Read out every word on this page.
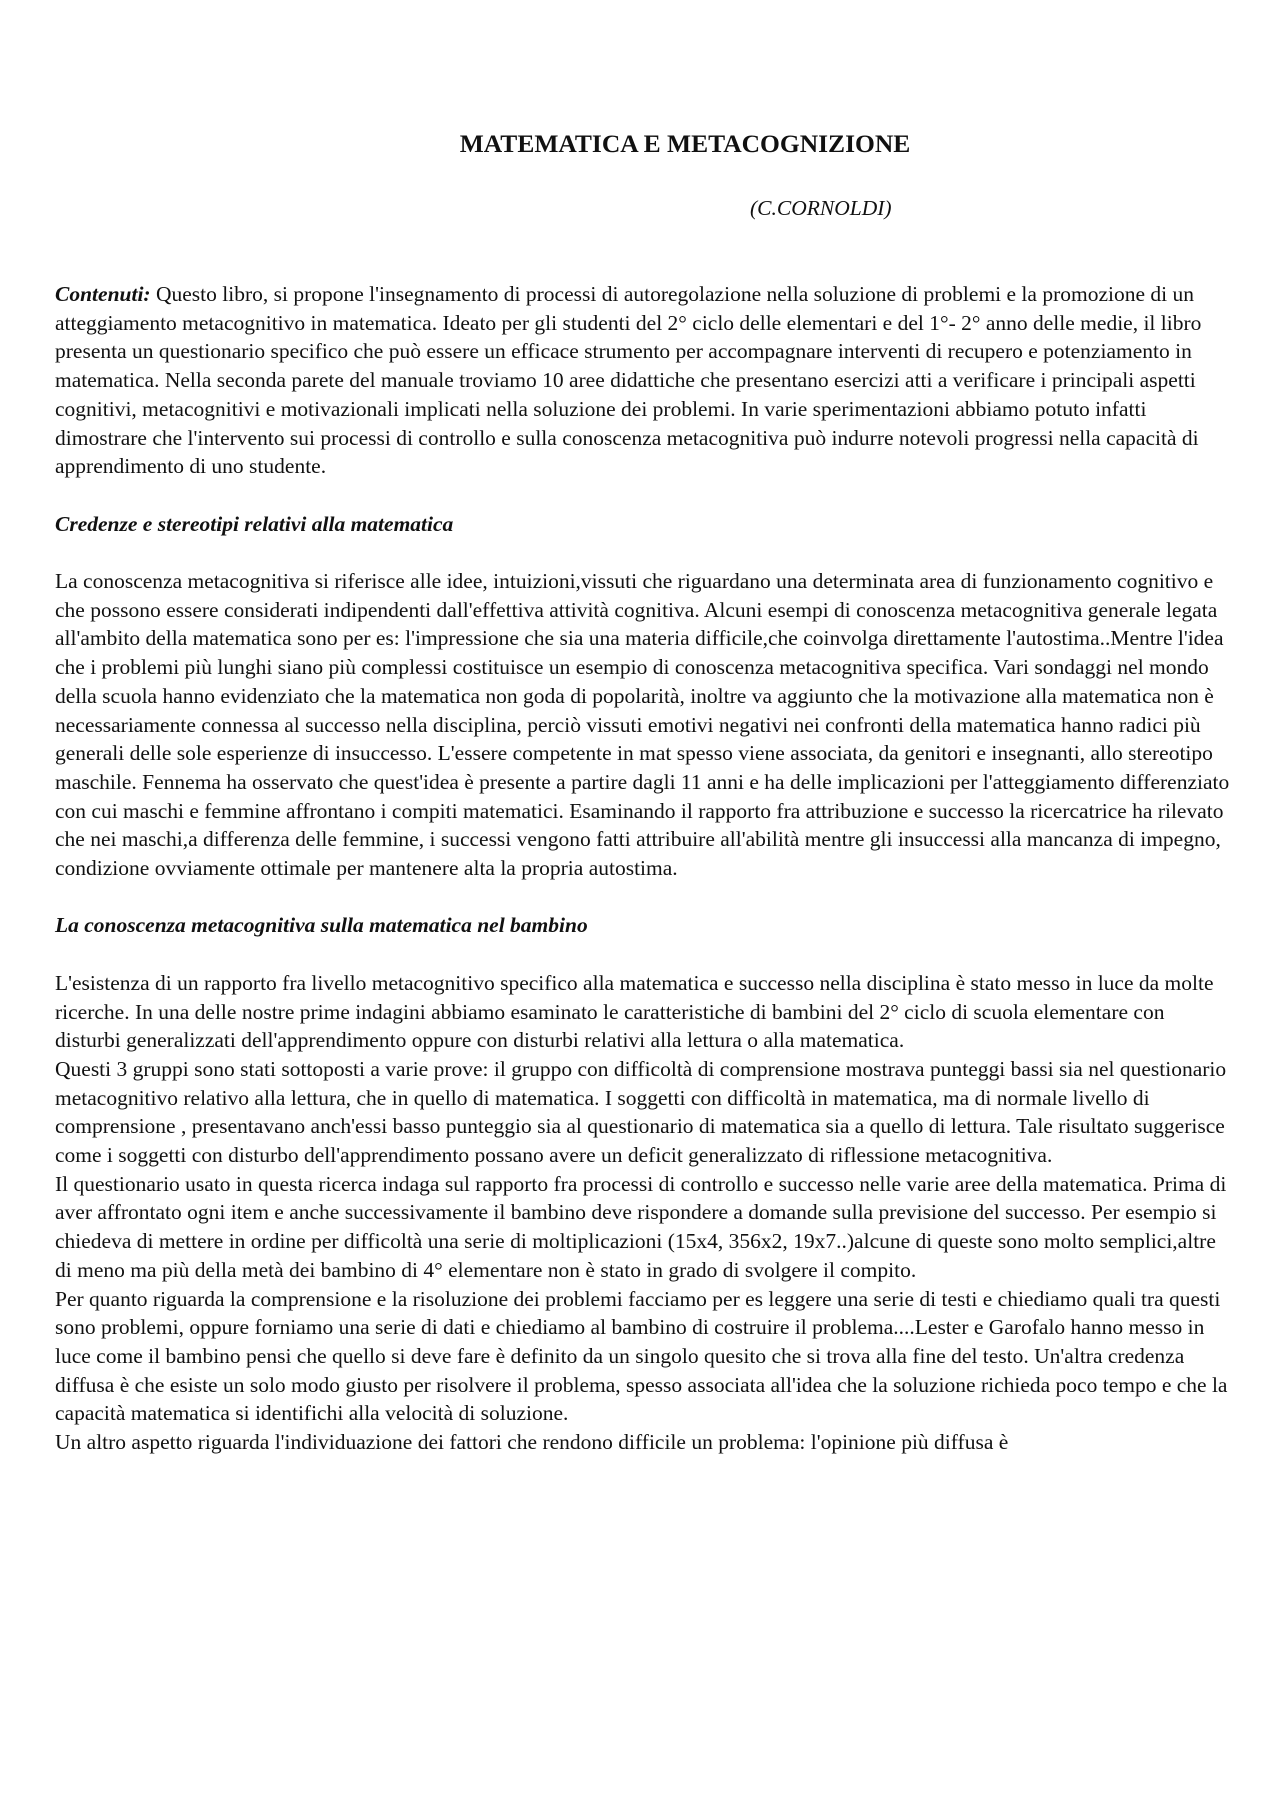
MATEMATICA E METACOGNIZIONE
(C.CORNOLDI)

Contenuti: Questo libro, si propone l'insegnamento di processi di autoregolazione nella soluzione di problemi e la promozione di un atteggiamento metacognitivo in matematica. Ideato per gli studenti del 2° ciclo delle elementari e del 1°- 2° anno delle medie, il libro presenta un questionario specifico che può essere un efficace strumento per accompagnare interventi di recupero e potenziamento in matematica. Nella seconda parete del manuale troviamo 10 aree didattiche che presentano esercizi atti a verificare i principali aspetti cognitivi, metacognitivi e motivazionali implicati nella soluzione dei problemi. In varie sperimentazioni abbiamo potuto infatti dimostrare che l'intervento sui processi di controllo e sulla conoscenza metacognitiva può indurre notevoli progressi nella capacità di apprendimento di uno studente.

Credenze e stereotipi relativi alla matematica

La conoscenza metacognitiva si riferisce alle idee, intuizioni,vissuti che riguardano una determinata area di funzionamento cognitivo e che possono essere considerati indipendenti dall'effettiva attività cognitiva. Alcuni esempi di conoscenza metacognitiva generale legata all'ambito della matematica sono per es: l'impressione che sia una materia difficile,che coinvolga direttamente l'autostima..Mentre l'idea che i problemi più lunghi siano più complessi costituisce un esempio di conoscenza metacognitiva specifica. Vari sondaggi nel mondo della scuola hanno evidenziato che la matematica non goda di popolarità, inoltre va aggiunto che la motivazione alla matematica non è necessariamente connessa al successo nella disciplina, perciò vissuti emotivi negativi nei confronti della matematica hanno radici più generali delle sole esperienze di insuccesso. L'essere competente in mat spesso viene associata, da genitori e insegnanti, allo stereotipo maschile. Fennema ha osservato che quest'idea è presente a partire dagli 11 anni e ha delle implicazioni per l'atteggiamento differenziato con cui maschi e femmine affrontano i compiti matematici. Esaminando il rapporto fra attribuzione e successo la ricercatrice ha rilevato che nei maschi,a differenza delle femmine, i successi vengono fatti attribuire all'abilità mentre gli insuccessi alla mancanza di impegno, condizione ovviamente ottimale per mantenere alta la propria autostima.

La conoscenza metacognitiva sulla matematica nel bambino

L'esistenza di un rapporto fra livello metacognitivo specifico alla matematica e successo nella disciplina è stato messo in luce da molte ricerche. In una delle nostre prime indagini abbiamo esaminato le caratteristiche di bambini del 2° ciclo di scuola elementare con disturbi generalizzati dell'apprendimento oppure con disturbi relativi alla lettura o alla matematica.

Questi 3 gruppi sono stati sottoposti a varie prove: il gruppo con difficoltà di comprensione mostrava punteggi bassi sia nel questionario metacognitivo relativo alla lettura, che in quello di matematica. I soggetti con difficoltà in matematica, ma di normale livello di comprensione , presentavano anch'essi basso punteggio sia al questionario di matematica sia a quello di lettura. Tale risultato suggerisce come i soggetti con disturbo dell'apprendimento possano avere un deficit generalizzato di riflessione metacognitiva.

Il questionario usato in questa ricerca indaga sul rapporto fra processi di controllo e successo nelle varie aree della matematica. Prima di aver affrontato ogni item e anche successivamente il bambino deve rispondere a domande sulla previsione del successo. Per esempio si chiedeva di mettere in ordine per difficoltà una serie di moltiplicazioni (15x4, 356x2, 19x7..)alcune di queste sono molto semplici,altre di meno ma più della metà dei bambino di 4° elementare non è stato in grado di svolgere il compito.

Per quanto riguarda la comprensione e la risoluzione dei problemi facciamo per es leggere una serie di testi e chiediamo quali tra questi sono problemi, oppure forniamo una serie di dati e chiediamo al bambino di costruire il problema....Lester e Garofalo hanno messo in luce come il bambino pensi che quello si deve fare è definito da un singolo quesito che si trova alla fine del testo. Un'altra credenza diffusa è che esiste un solo modo giusto per risolvere il problema, spesso associata all'idea che la soluzione richieda poco tempo e che la capacità matematica si identifichi alla velocità di soluzione.

Un altro aspetto riguarda l'individuazione dei fattori che rendono difficile un problema: l'opinione più diffusa è
